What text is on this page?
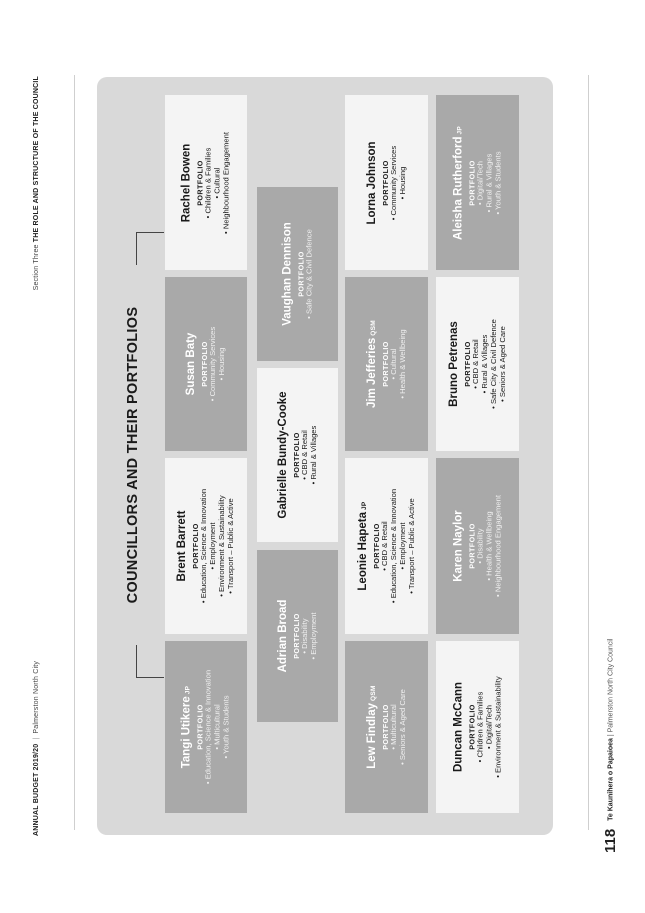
ANNUAL BUDGET 2019/20|Palmerston North City
Section Three THE ROLE AND STRUCTURE OF THE COUNCIL
118 Te Kaunihera o Papaioea | Palmerston North City Council
COUNCILLORS AND THEIR PORTFOLIOS
Tangi UtikereJP
PORTFOLIO
• Education, Science & Innovation • Multicultural
• Youth & Students
Brent Barrett PORTFOLIO
• Education, Science & Innovation • Employment
• Environment & Sustainability • Transport – Public & Active
Susan Baty PORTFOLIO
• Community Services • Housing
Rachel Bowen PORTFOLIO
• Children & Families • Cultural
• Neighbourhood Engagement
Adrian Broad PORTFOLIO • Disability
• Employment
Gabrielle Bundy-Cooke PORTFOLIO • CBD & Retail
• Rural & Villages
Vaughan Dennison PORTFOLIO
• Safe City & Civil Defence
Lew FindlayQSM
PORTFOLIO • Multicultural
• Seniors & Aged Care
Leonie HapetaJP
PORTFOLIO • CBD & Retail
• Education, Science & Innovation • Employment
• Transport – Public & Active
Jim JefferiesQSM
PORTFOLIO • Cultural
• Health & Wellbeing
Lorna Johnson PORTFOLIO
• Community Services • Housing
Duncan McCann PORTFOLIO
• Children & Families • Digital/Tech
• Environment & Sustainability
Karen Naylor PORTFOLIO • Disability
• Health & Wellbeing
• Neighbourhood Engagement
Bruno Petrenas PORTFOLIO • CBD & Retail
• Rural & Villages
• Safe City & Civil Defence • Seniors & Aged Care
Aleisha RutherfordJP
PORTFOLIO • Digital/Tech
• Rural & Villages
• Youth & Students
